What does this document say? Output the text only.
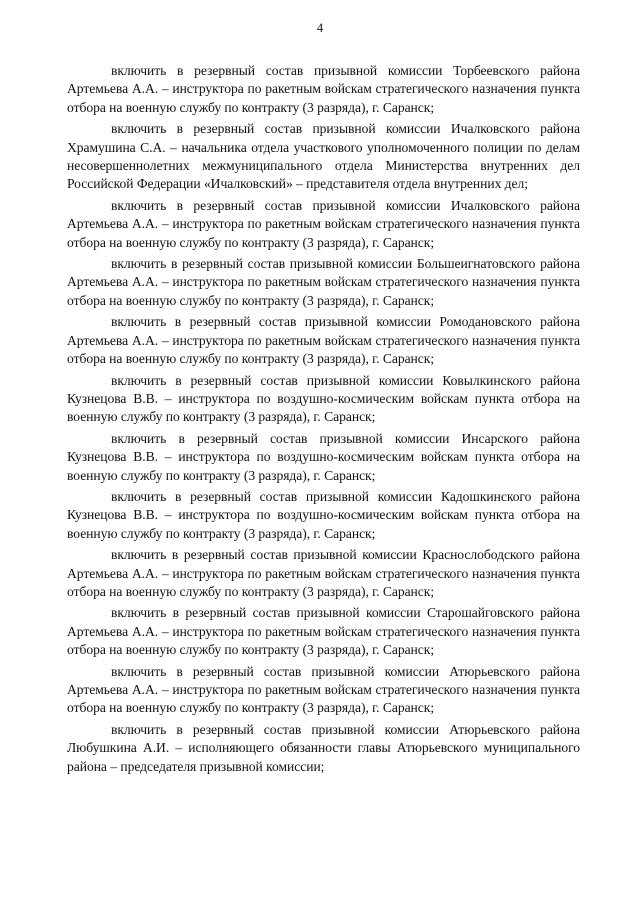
4

включить в резервный состав призывной комиссии Торбеевского района Артемьева А.А. – инструктора по ракетным войскам стратегического назначения пункта отбора на военную службу по контракту (3 разряда), г. Саранск;

включить в резервный состав призывной комиссии Ичалковского района Храмушина С.А. – начальника отдела участкового уполномоченного полиции по делам несовершеннолетних межмуниципального отдела Министерства внутренних дел Российской Федерации «Ичалковский» – представителя отдела внутренних дел;

включить в резервный состав призывной комиссии Ичалковского района Артемьева А.А. – инструктора по ракетным войскам стратегического назначения пункта отбора на военную службу по контракту (3 разряда), г. Саранск;

включить в резервный состав призывной комиссии Большеигнатовского района Артемьева А.А. – инструктора по ракетным войскам стратегического назначения пункта отбора на военную службу по контракту (3 разряда), г. Саранск;

включить в резервный состав призывной комиссии Ромодановского района Артемьева А.А. – инструктора по ракетным войскам стратегического назначения пункта отбора на военную службу по контракту (3 разряда), г. Саранск;

включить в резервный состав призывной комиссии Ковылкинского района Кузнецова В.В. – инструктора по воздушно-космическим войскам пункта отбора на военную службу по контракту (3 разряда), г. Саранск;

включить в резервный состав призывной комиссии Инсарского района Кузнецова В.В. – инструктора по воздушно-космическим войскам пункта отбора на военную службу по контракту (3 разряда), г. Саранск;

включить в резервный состав призывной комиссии Кадошкинского района Кузнецова В.В. – инструктора по воздушно-космическим войскам пункта отбора на военную службу по контракту (3 разряда), г. Саранск;

включить в резервный состав призывной комиссии Краснослободского района Артемьева А.А. – инструктора по ракетным войскам стратегического назначения пункта отбора на военную службу по контракту (3 разряда), г. Саранск;

включить в резервный состав призывной комиссии Старошайговского района Артемьева А.А. – инструктора по ракетным войскам стратегического назначения пункта отбора на военную службу по контракту (3 разряда), г. Саранск;

включить в резервный состав призывной комиссии Атюрьевского района Артемьева А.А. – инструктора по ракетным войскам стратегического назначения пункта отбора на военную службу по контракту (3 разряда), г. Саранск;

включить в резервный состав призывной комиссии Атюрьевского района Любушкина А.И. – исполняющего обязанности главы Атюрьевского муниципального района – председателя призывной комиссии;
